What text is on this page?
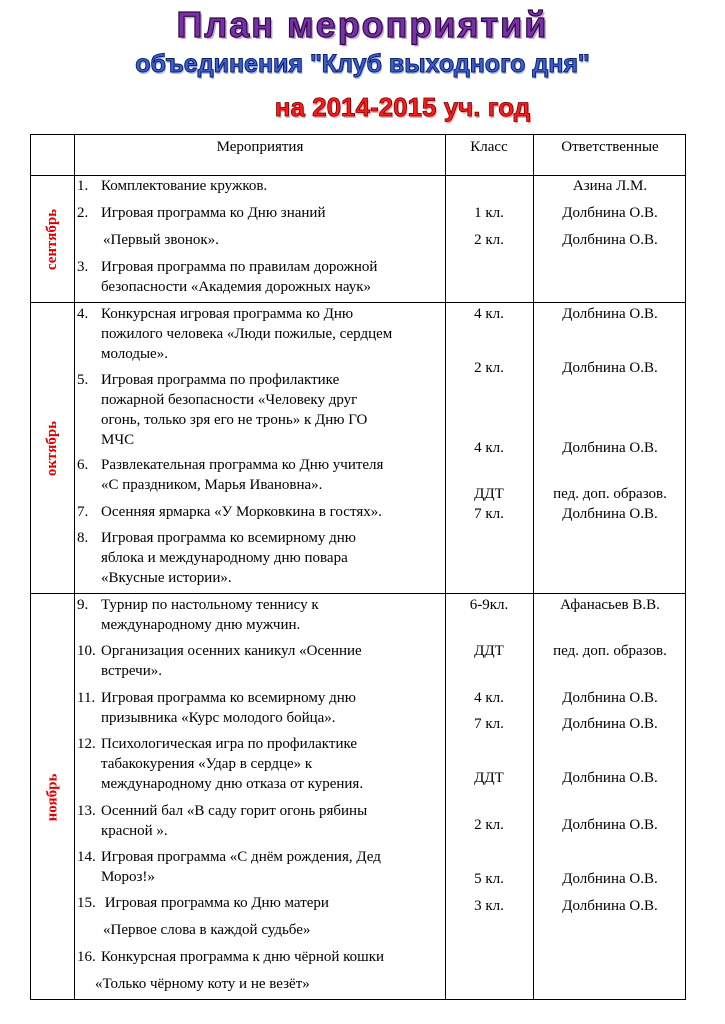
План мероприятий
объединения "Клуб выходного дня"
на 2014-2015 уч. год
Мероприятия	Класс	Ответственные
сентябрь
октябрь
ноябрь
1. Комплектование кружков.
2. Игровая программа ко Дню знаний
«Первый звонок».
3. Игровая программа по правилам дорожной
безопасности «Академия дорожных наук»
4. Конкурсная игровая программа ко Дню
пожилого человека «Люди пожилые, сердцем
молодые».
5. Игровая программа по профилактике
пожарной безопасности «Человеку друг
огонь, только зря его не тронь» к Дню ГО
МЧС
6. Развлекательная программа ко Дню учителя
«С праздником, Марья Ивановна».
7. Осенняя ярмарка «У Морковкина в гостях».
8. Игровая программа ко всемирному дню
яблока и международному дню повара
«Вкусные истории».
9. Турнир по настольному теннису к
международному дню мужчин.
10. Организация осенних каникул «Осенние
встречи».
11. Игровая программа ко всемирному дню
призывника «Курс молодого бойца».
12. Психологическая игра по профилактике
табакокурения «Удар в сердце» к
международному дню отказа от курения.
13. Осенний бал «В саду горит огонь рябины
красной ».
14. Игровая программа «С днём рождения, Дед
Мороз!»
15. Игровая программа ко Дню матери
«Первое слова в каждой судьбе»
16. Конкурсная программа к дню чёрной кошки
«Только чёрному коту и не везёт»
1 кл.
2 кл.
4 кл.
2 кл.
4 кл.
ДДТ
7 кл.
6-9кл.
ДДТ
4 кл.
7 кл.
ДДТ
2 кл.
5 кл.
3 кл.
Азина Л.М.
Долбнина О.В.
Долбнина О.В.
Долбнина О.В.
Долбнина О.В.
Долбнина О.В.
пед. доп. образов.
Долбнина О.В.
Афанасьев В.В.
пед. доп. образов.
Долбнина О.В.
Долбнина О.В.
Долбнина О.В.
Долбнина О.В.
Долбнина О.В.
Долбнина О.В.
